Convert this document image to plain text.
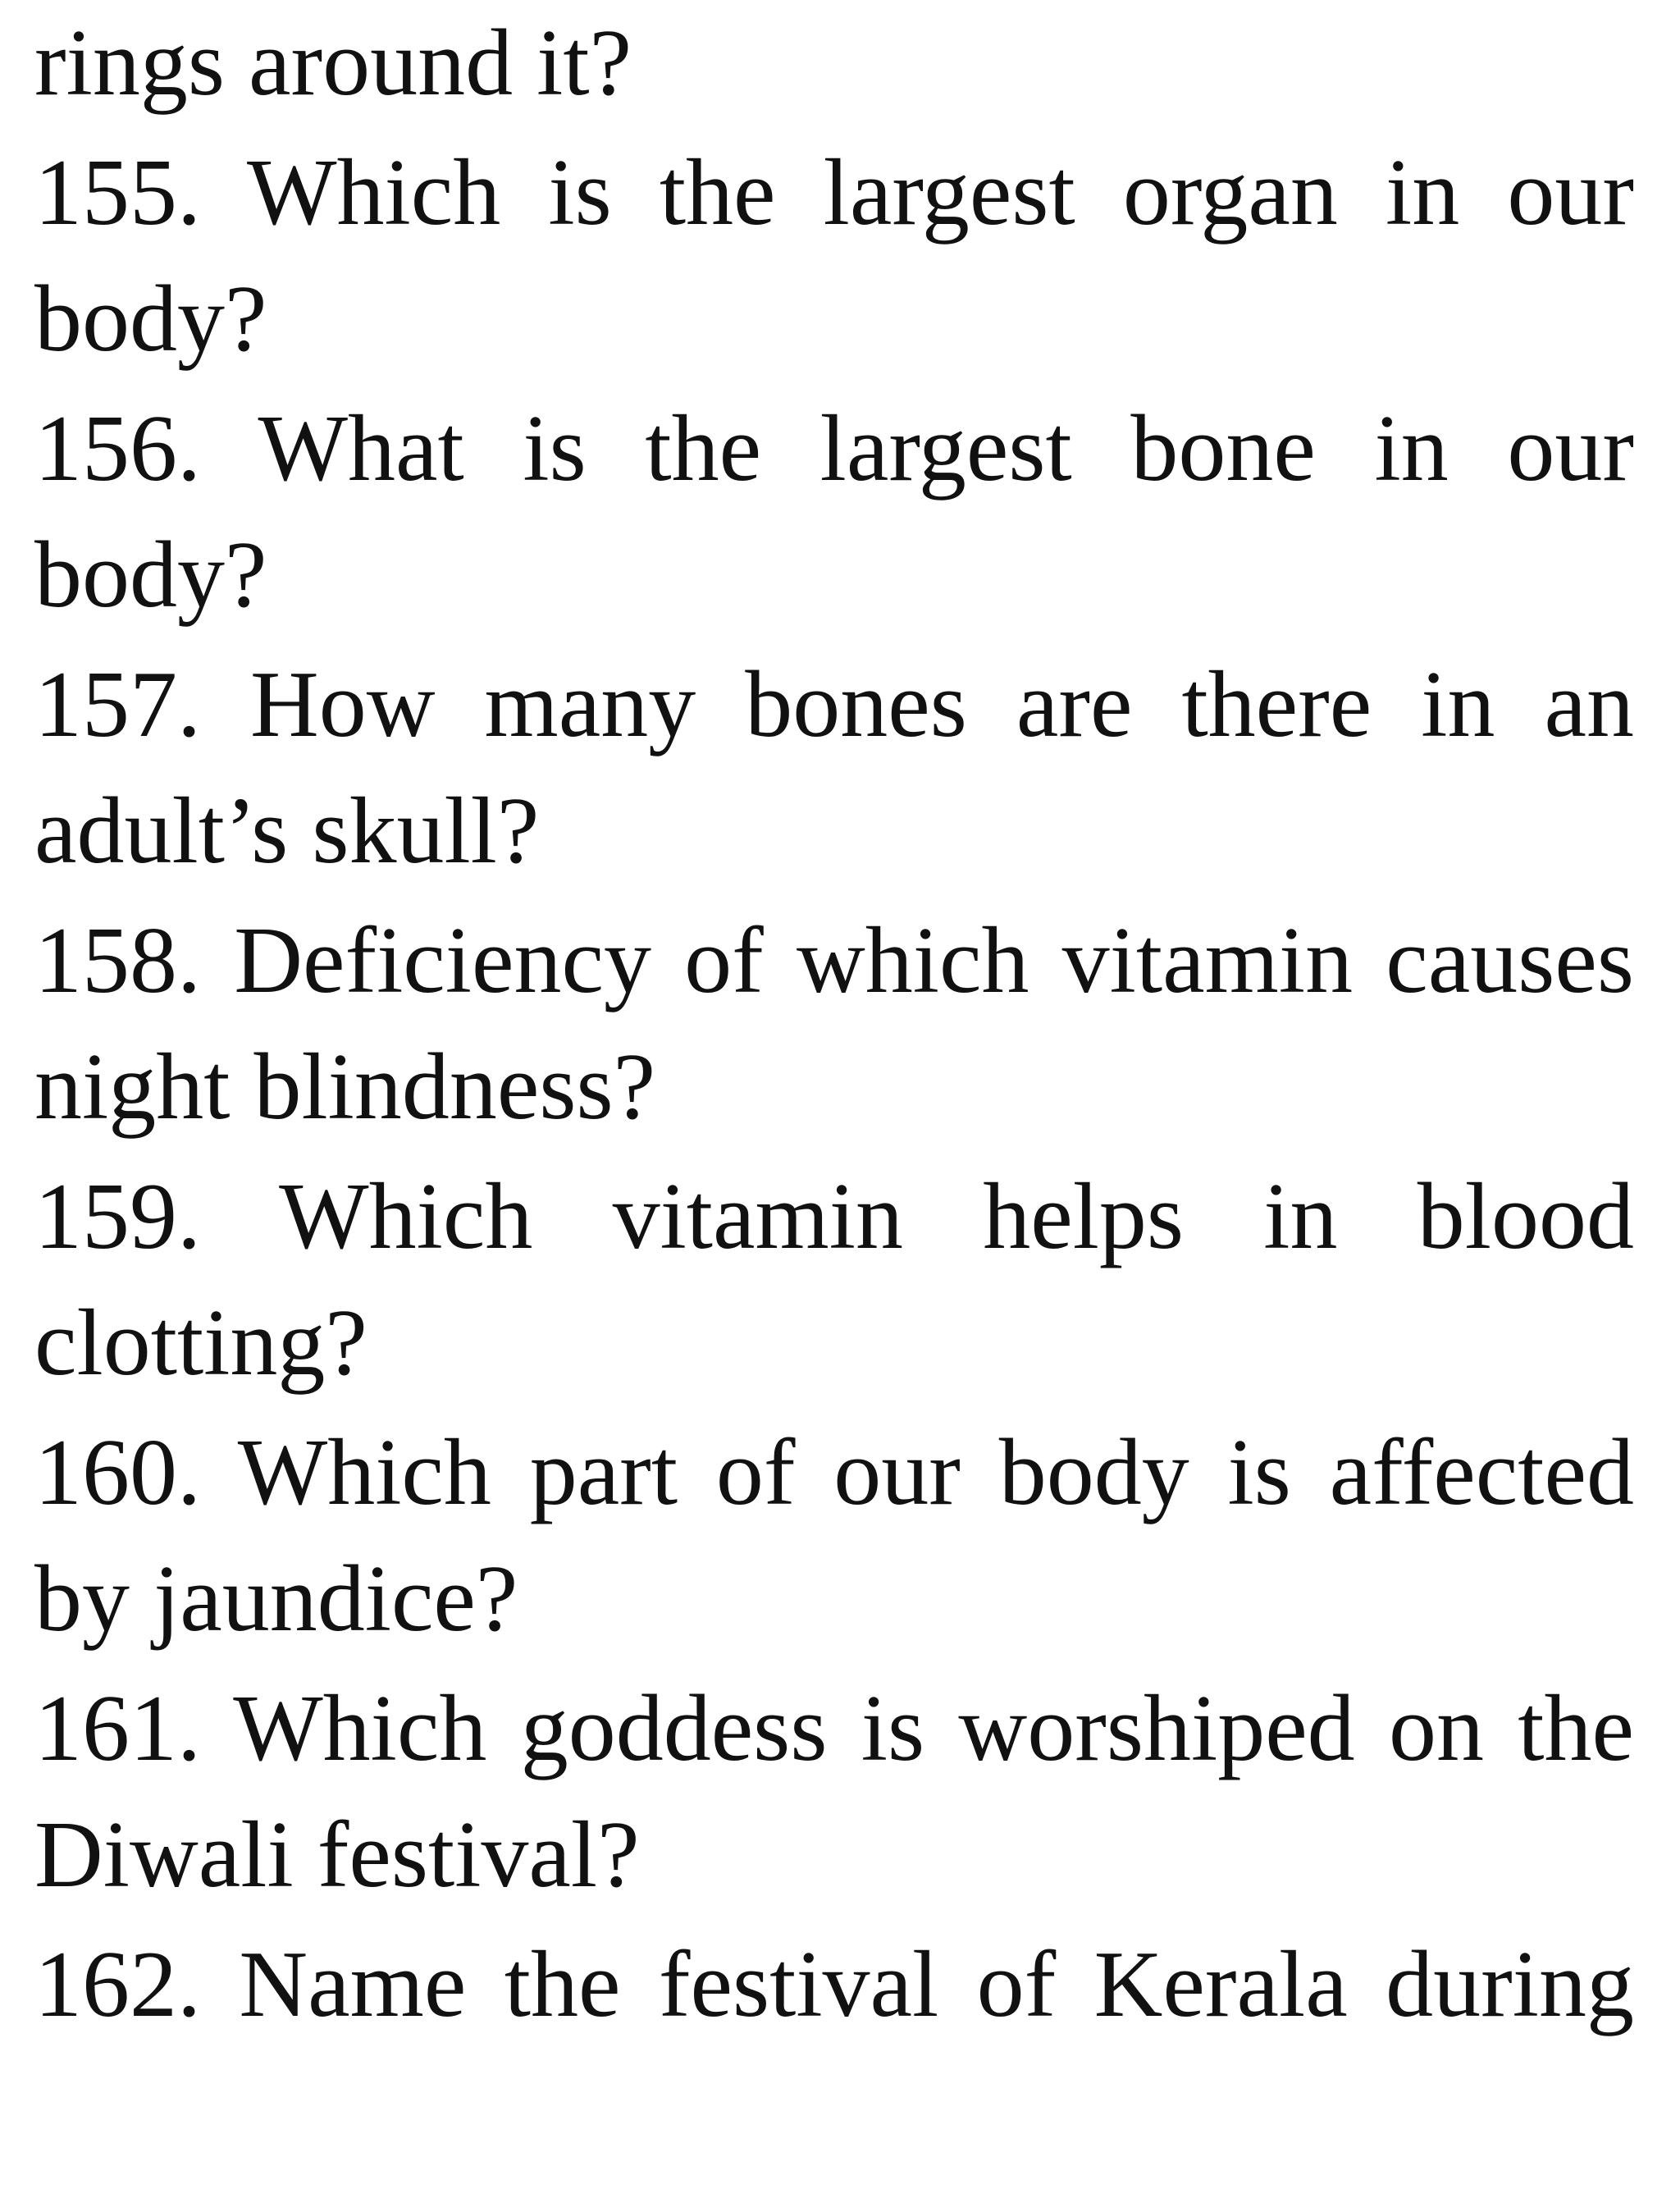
rings around it?

155. Which is the largest organ in our body?

156. What is the largest bone in our body?

157. How many bones are there in an adult’s skull?

158. Deficiency of which vitamin causes night blindness?

159. Which vitamin helps in blood clotting?

160. Which part of our body is affected by jaundice?

161. Which goddess is worshiped on the Diwali festival?

162. Name the festival of Kerala during
